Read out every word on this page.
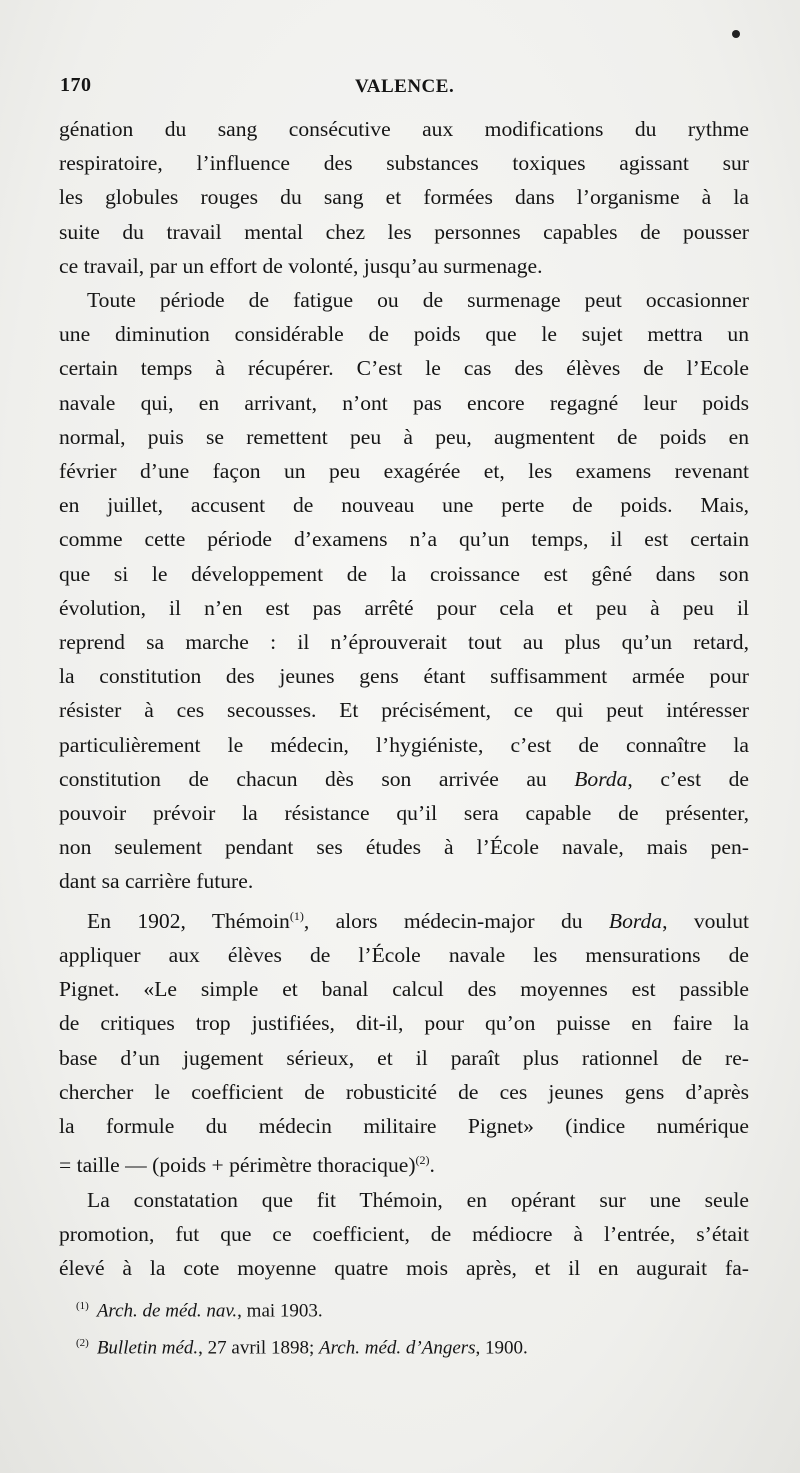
170	VALENCE.
génation du sang consécutive aux modifications du rythme
respiratoire, l’influence des substances toxiques agissant sur
les globules rouges du sang et formées dans l’organisme à la
suite du travail mental chez les personnes capables de pousser
ce travail, par un effort de volonté, jusqu’au surmenage.
Toute période de fatigue ou de surmenage peut occasionner
une diminution considérable de poids que le sujet mettra un
certain temps à récupérer. C’est le cas des élèves de l’Ecole
navale qui, en arrivant, n’ont pas encore regagné leur poids
normal, puis se remettent peu à peu, augmentent de poids en
février d’une façon un peu exagérée et, les examens revenant
en juillet, accusent de nouveau une perte de poids. Mais,
comme cette période d’examens n’a qu’un temps, il est certain
que si le développement de la croissance est gêné dans son
évolution, il n’en est pas arrêté pour cela et peu à peu il
reprend sa marche : il n’éprouverait tout au plus qu’un retard,
la constitution des jeunes gens étant suffisamment armée pour
résister à ces secousses. Et précisément, ce qui peut intéresser
particulièrement le médecin, l’hygiéniste, c’est de connaître la
constitution de chacun dès son arrivée au Borda, c’est de
pouvoir prévoir la résistance qu’il sera capable de présenter,
non seulement pendant ses études à l’École navale, mais pen-
dant sa carrière future.
En 1902, Thémoin$^{(1)}$, alors médecin-major du Borda, voulut
appliquer aux élèves de l’École navale les mensurations de
Pignet. «Le simple et banal calcul des moyennes est passible
de critiques trop justifiées, dit-il, pour qu’on puisse en faire la
base d’un jugement sérieux, et il paraît plus rationnel de re-
chercher le coefficient de robusticité de ces jeunes gens d’après
la formule du médecin militaire Pignet» (indice numérique
= taille — (poids + périmètre thoracique)$^{(2)}$.
La constatation que fit Thémoin, en opérant sur une seule
promotion, fut que ce coefficient, de médiocre à l’entrée, s’était
élevé à la cote moyenne quatre mois après, et il en augurait fa-
$^{(1)}$ Arch. de méd. nav., mai 1903.
$^{(2)}$ Bulletin méd., 27 avril 1898; Arch. méd. d’Angers, 1900.
